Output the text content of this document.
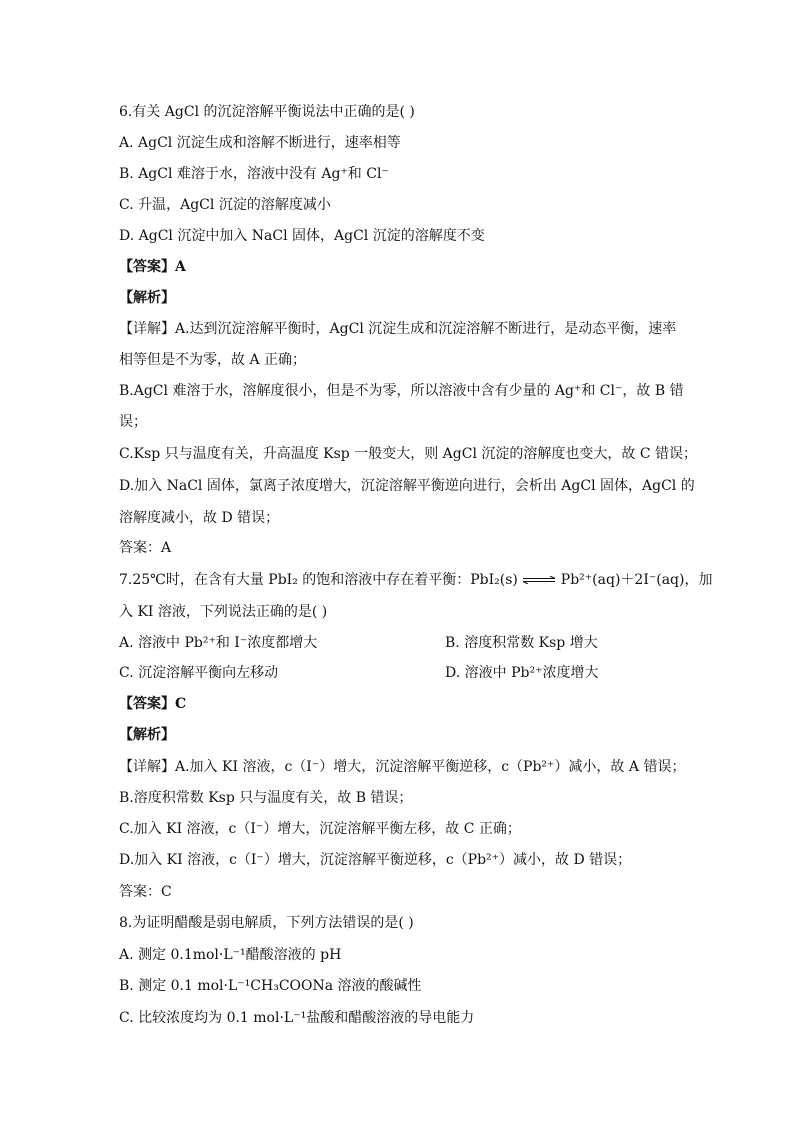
6.有关 AgCl 的沉淀溶解平衡说法中正确的是( )
A. AgCl 沉淀生成和溶解不断进行，速率相等
B. AgCl 难溶于水，溶液中没有 Ag⁺和 Cl⁻
C. 升温，AgCl 沉淀的溶解度减小
D. AgCl 沉淀中加入 NaCl 固体，AgCl 沉淀的溶解度不变
【答案】A
【解析】
【详解】A.达到沉淀溶解平衡时，AgCl 沉淀生成和沉淀溶解不断进行，是动态平衡，速率
相等但是不为零，故 A 正确；
B.AgCl 难溶于水，溶解度很小，但是不为零，所以溶液中含有少量的 Ag⁺和 Cl⁻，故 B 错
误；
C.Ksp 只与温度有关，升高温度 Ksp 一般变大，则 AgCl 沉淀的溶解度也变大，故 C 错误；
D.加入 NaCl 固体，氯离子浓度增大，沉淀溶解平衡逆向进行，会析出 AgCl 固体，AgCl 的
溶解度减小，故 D 错误；
答案：A
7.25℃时，在含有大量 PbI₂ 的饱和溶液中存在着平衡：PbI₂(s) ⇌ Pb²⁺(aq)＋2I⁻(aq)，加
入 KI 溶液，下列说法正确的是( )
A. 溶液中 Pb²⁺和 I⁻浓度都增大	B. 溶度积常数 Ksp 增大
C. 沉淀溶解平衡向左移动	D. 溶液中 Pb²⁺浓度增大
【答案】C
【解析】
【详解】A.加入 KI 溶液，c（I⁻）增大，沉淀溶解平衡逆移，c（Pb²⁺）减小，故 A 错误；
B.溶度积常数 Ksp 只与温度有关，故 B 错误；
C.加入 KI 溶液，c（I⁻）增大，沉淀溶解平衡左移，故 C 正确；
D.加入 KI 溶液，c（I⁻）增大，沉淀溶解平衡逆移，c（Pb²⁺）减小，故 D 错误；
答案：C
8.为证明醋酸是弱电解质，下列方法错误的是( )
A. 测定 0.1mol·L⁻¹醋酸溶液的 pH
B. 测定 0.1 mol·L⁻¹CH₃COONa 溶液的酸碱性
C. 比较浓度均为 0.1 mol·L⁻¹盐酸和醋酸溶液的导电能力
